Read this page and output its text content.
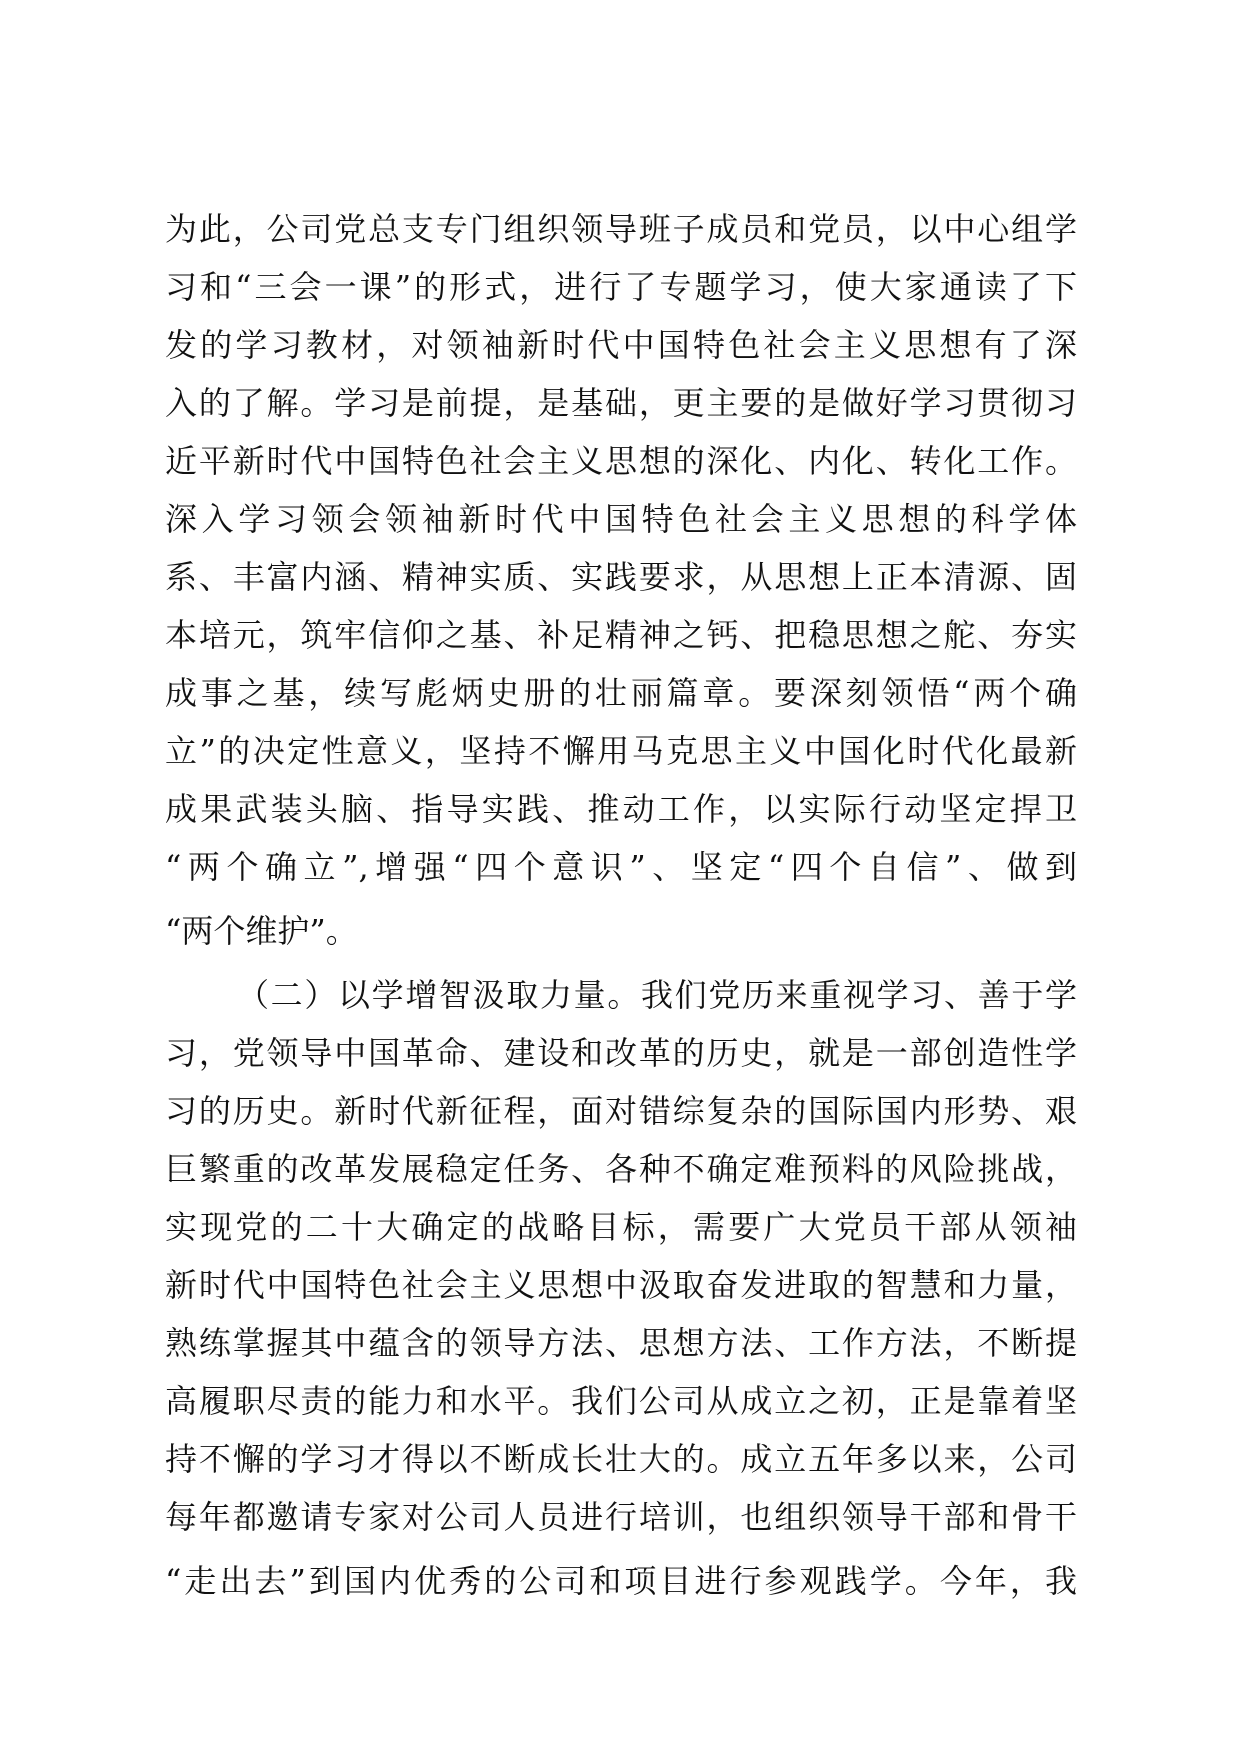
为此，公司党总支专门组织领导班子成员和党员，以中心组学
习和“三会一课”的形式，进行了专题学习，使大家通读了下
发的学习教材，对领袖新时代中国特色社会主义思想有了深
入的了解。学习是前提，是基础，更主要的是做好学习贯彻习
近平新时代中国特色社会主义思想的深化、内化、转化工作。
深入学习领会领袖新时代中国特色社会主义思想的科学体
系、丰富内涵、精神实质、实践要求，从思想上正本清源、固
本培元，筑牢信仰之基、补足精神之钙、把稳思想之舵、夯实
成事之基，续写彪炳史册的壮丽篇章。要深刻领悟“两个确
立”的决定性意义，坚持不懈用马克思主义中国化时代化最新
成果武装头脑、指导实践、推动工作，以实际行动坚定捍卫
“两个确立”,增强“四个意识”、坚定“四个自信”、做到
“两个维护”。
（二）以学增智汲取力量。我们党历来重视学习、善于学
习，党领导中国革命、建设和改革的历史，就是一部创造性学
习的历史。新时代新征程，面对错综复杂的国际国内形势、艰
巨繁重的改革发展稳定任务、各种不确定难预料的风险挑战，
实现党的二十大确定的战略目标，需要广大党员干部从领袖
新时代中国特色社会主义思想中汲取奋发进取的智慧和力量，
熟练掌握其中蕴含的领导方法、思想方法、工作方法，不断提
高履职尽责的能力和水平。我们公司从成立之初，正是靠着坚
持不懈的学习才得以不断成长壮大的。成立五年多以来，公司
每年都邀请专家对公司人员进行培训，也组织领导干部和骨干
“走出去”到国内优秀的公司和项目进行参观践学。今年，我
